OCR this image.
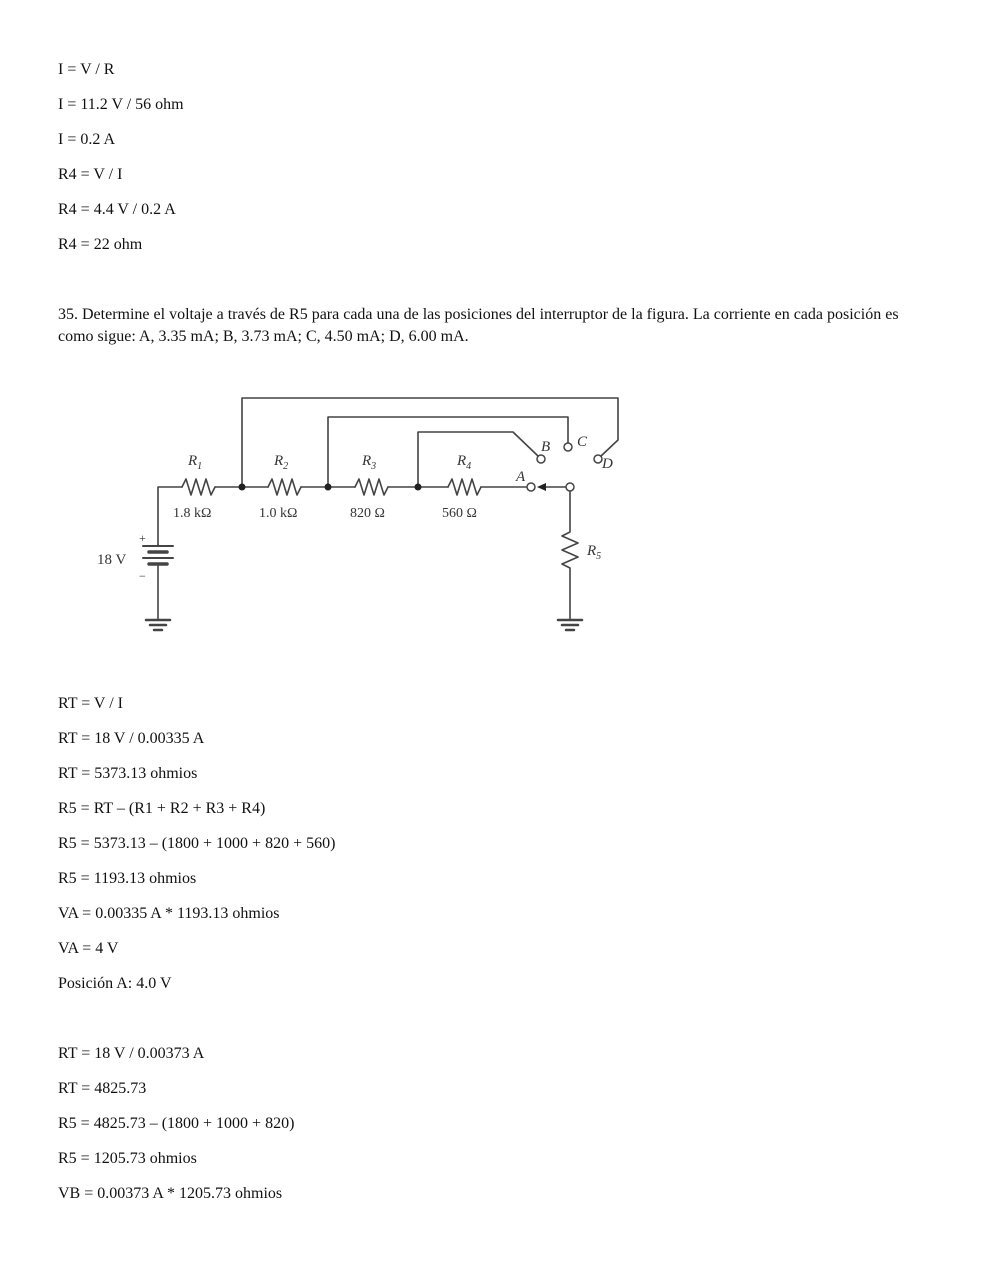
I = V / R
I = 11.2 V / 56 ohm
I = 0.2 A
R4 = V / I
R4 = 4.4 V / 0.2 A
R4 = 22 ohm
35. Determine el voltaje a través de R5 para cada una de las posiciones del interruptor de la figura. La corriente en cada posición es como sigue: A, 3.35 mA; B, 3.73 mA; C, 4.50 mA; D, 6.00 mA.
$R_1$	$R_2$	$R_3$	$R_4$
$R_5$
1.8 kΩ	1.0 kΩ	820 Ω	560 Ω
18 V
+
−
A
B C
D
RT = V / I
RT = 18 V / 0.00335 A
RT = 5373.13 ohmios
R5 = RT – (R1 + R2 + R3 + R4)
R5 = 5373.13 – (1800 + 1000 + 820 + 560)
R5 = 1193.13 ohmios
VA = 0.00335 A * 1193.13 ohmios
VA = 4 V
Posición A: 4.0 V
RT = 18 V / 0.00373 A
RT = 4825.73
R5 = 4825.73 – (1800 + 1000 + 820)
R5 = 1205.73 ohmios
VB = 0.00373 A * 1205.73 ohmios
